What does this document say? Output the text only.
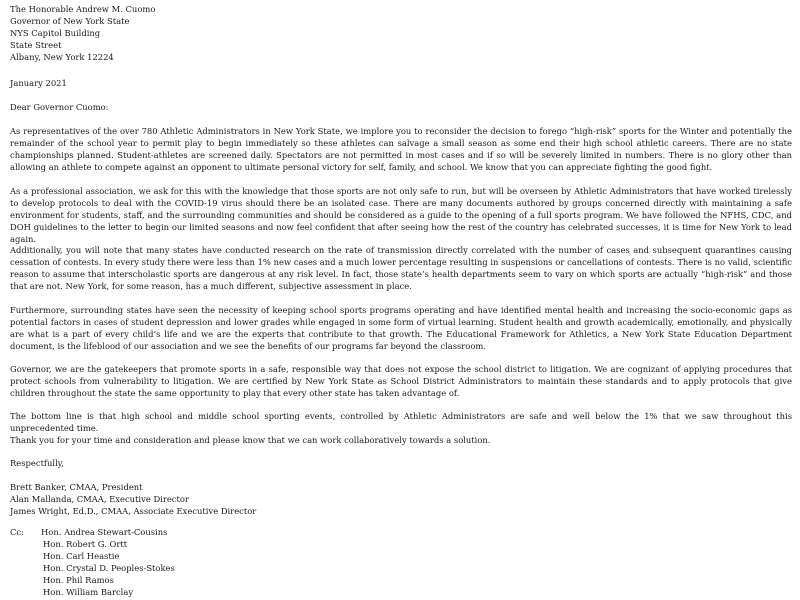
The Honorable Andrew M. Cuomo
Governor of New York State
NYS Capitol Building
State Street
Albany, New York 12224

January 2021

Dear Governor Cuomo:

As representatives of the over 780 Athletic Administrators in New York State, we implore you to reconsider the decision to forego “high-risk” sports for the Winter and potentially the remainder of the school year to permit play to begin immediately so these athletes can salvage a small season as some end their high school athletic careers. There are no state championships planned. Student-athletes are screened daily. Spectators are not permitted in most cases and if so will be severely limited in numbers. There is no glory other than allowing an athlete to compete against an opponent to ultimate personal victory for self, family, and school. We know that you can appreciate fighting the good fight.

As a professional association, we ask for this with the knowledge that those sports are not only safe to run, but will be overseen by Athletic Administrators that have worked tirelessly to develop protocols to deal with the COVID-19 virus should there be an isolated case. There are many documents authored by groups concerned directly with maintaining a safe environment for students, staff, and the surrounding communities and should be considered as a guide to the opening of a full sports program. We have followed the NFHS, CDC, and DOH guidelines to the letter to begin our limited seasons and now feel confident that after seeing how the rest of the country has celebrated successes, it is time for New York to lead again.

Additionally, you will note that many states have conducted research on the rate of transmission directly correlated with the number of cases and subsequent quarantines causing cessation of contests. In every study there were less than 1% new cases and a much lower percentage resulting in suspensions or cancellations of contests. There is no valid, scientific reason to assume that interscholastic sports are dangerous at any risk level. In fact, those state’s health departments seem to vary on which sports are actually “high-risk” and those that are not. New York, for some reason, has a much different, subjective assessment in place.

Furthermore, surrounding states have seen the necessity of keeping school sports programs operating and have identified mental health and increasing the socio-economic gaps as potential factors in cases of student depression and lower grades while engaged in some form of virtual learning. Student health and growth academically, emotionally, and physically are what is a part of every child’s life and we are the experts that contribute to that growth. The Educational Framework for Athletics, a New York State Education Department document, is the lifeblood of our association and we see the benefits of our programs far beyond the classroom.

Governor, we are the gatekeepers that promote sports in a safe, responsible way that does not expose the school district to litigation. We are cognizant of applying procedures that protect schools from vulnerability to litigation. We are certified by New York State as School District Administrators to maintain these standards and to apply protocols that give children throughout the state the same opportunity to play that every other state has taken advantage of.

The bottom line is that high school and middle school sporting events, controlled by Athletic Administrators are safe and well below the 1% that we saw throughout this unprecedented time.

Thank you for your time and consideration and please know that we can work collaboratively towards a solution.

Respectfully,

Brett Banker, CMAA, President
Alan Mallanda, CMAA, Executive Director
James Wright, Ed.D., CMAA, Associate Executive Director
Cc: Hon. Andrea Stewart-Cousins
Hon. Robert G. Ortt
Hon. Carl Heastie
Hon. Crystal D. Peoples-Stokes
Hon. Phil Ramos
Hon. William Barclay
